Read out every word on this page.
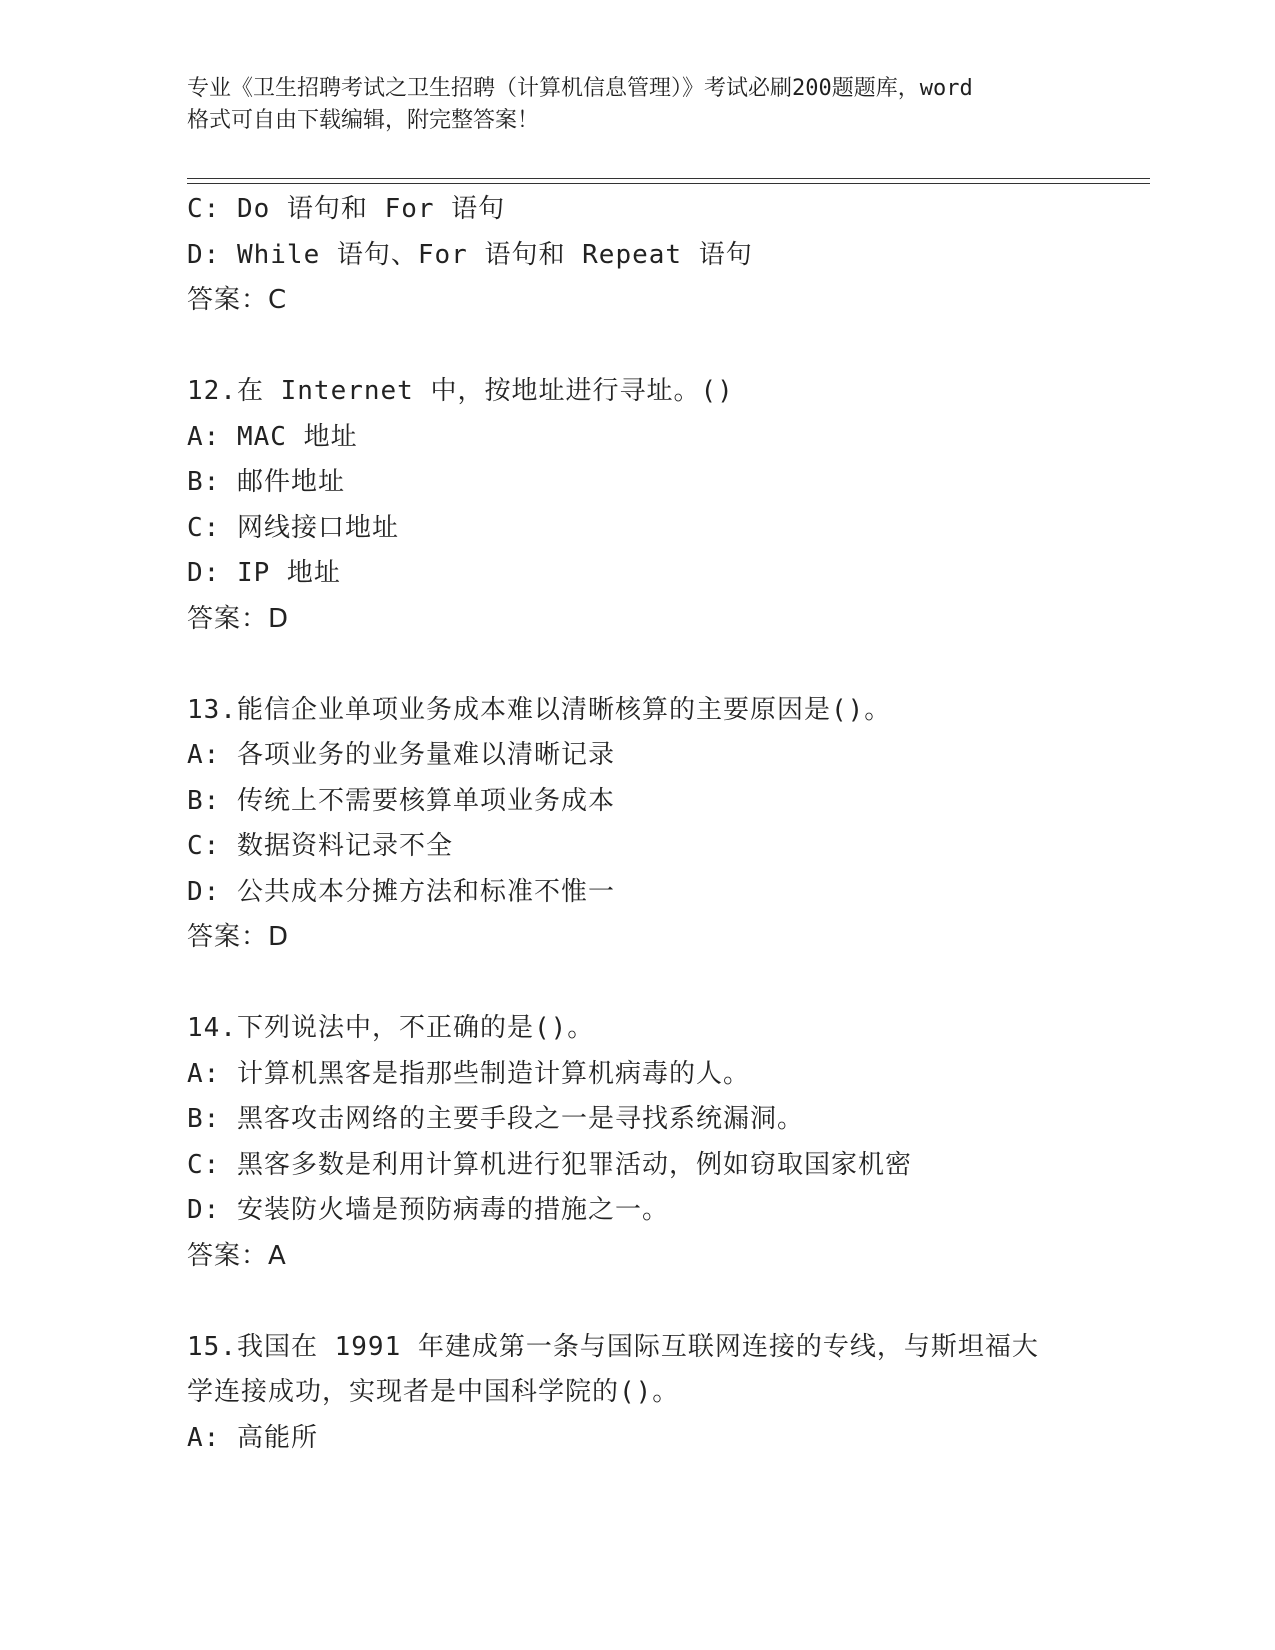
专业《卫生招聘考试之卫生招聘（计算机信息管理）》考试必刷200题题库，word
格式可自由下载编辑，附完整答案！
C: Do 语句和 For 语句
D: While 语句、For 语句和 Repeat 语句
答案：C
12.在 Internet 中，按地址进行寻址。()
A: MAC 地址
B: 邮件地址
C: 网线接口地址
D: IP 地址
答案：D
13.能信企业单项业务成本难以清晰核算的主要原因是()。
A: 各项业务的业务量难以清晰记录
B: 传统上不需要核算单项业务成本
C: 数据资料记录不全
D: 公共成本分摊方法和标准不惟一
答案：D
14.下列说法中，不正确的是()。
A: 计算机黑客是指那些制造计算机病毒的人。
B: 黑客攻击网络的主要手段之一是寻找系统漏洞。
C: 黑客多数是利用计算机进行犯罪活动，例如窃取国家机密
D: 安装防火墙是预防病毒的措施之一。
答案：A
15.我国在 1991 年建成第一条与国际互联网连接的专线，与斯坦福大
学连接成功，实现者是中国科学院的()。
A: 高能所
